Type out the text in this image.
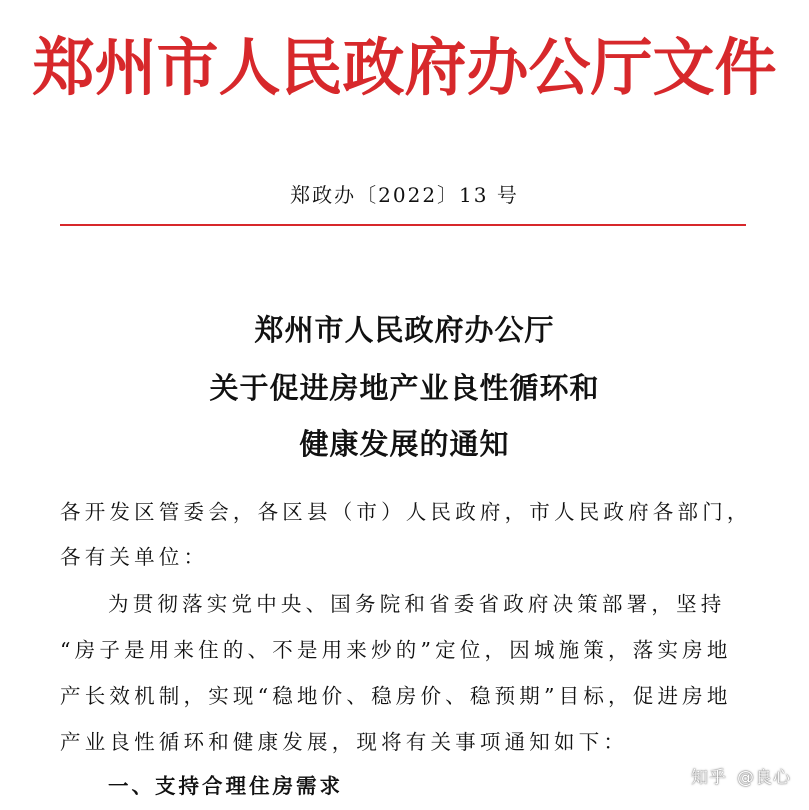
郑州市人民政府办公厅文件
郑政办〔2022〕13 号
郑州市人民政府办公厅
关于促进房地产业良性循环和
健康发展的通知
各开发区管委会，各区县（市）人民政府，市人民政府各部门，
各有关单位：
为贯彻落实党中央、国务院和省委省政府决策部署，坚持
“房子是用来住的、不是用来炒的”定位，因城施策，落实房地
产长效机制，实现“稳地价、稳房价、稳预期”目标，促进房地
产业良性循环和健康发展，现将有关事项通知如下：
一、支持合理住房需求	知乎 @良心
